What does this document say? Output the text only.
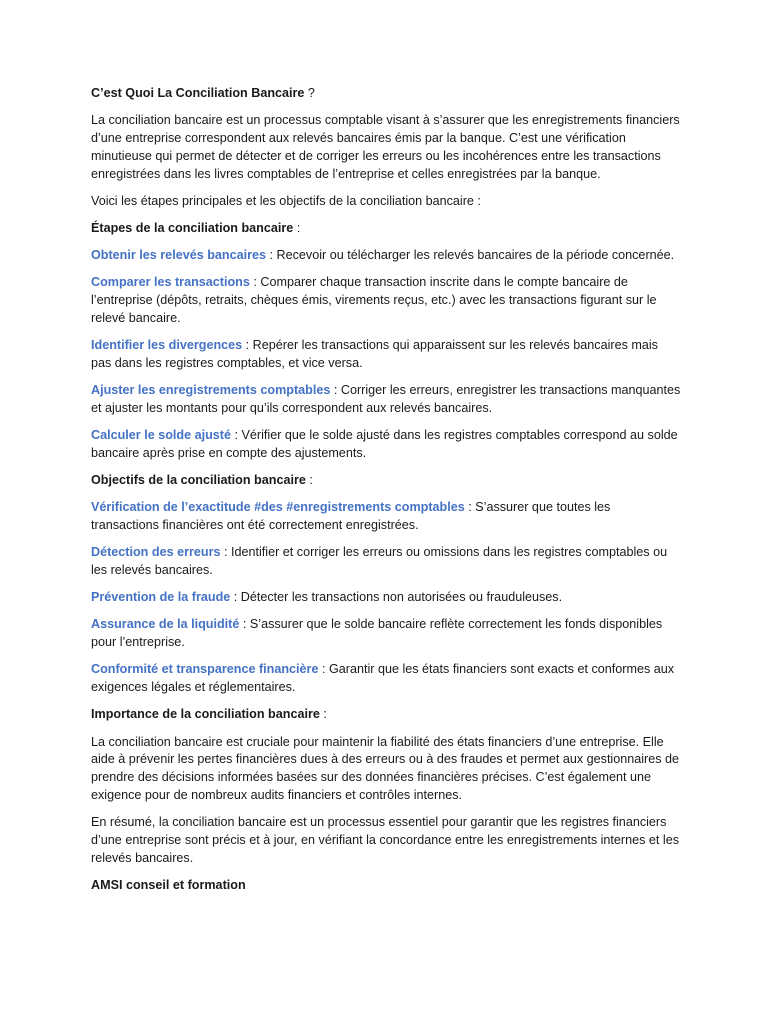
C’est Quoi La Conciliation Bancaire ?

La conciliation bancaire est un processus comptable visant à s’assurer que les enregistrements financiers d’une entreprise correspondent aux relevés bancaires émis par la banque. C’est une vérification minutieuse qui permet de détecter et de corriger les erreurs ou les incohérences entre les transactions enregistrées dans les livres comptables de l’entreprise et celles enregistrées par la banque.

Voici les étapes principales et les objectifs de la conciliation bancaire :

Étapes de la conciliation bancaire :

Obtenir les relevés bancaires : Recevoir ou télécharger les relevés bancaires de la période concernée.

Comparer les transactions : Comparer chaque transaction inscrite dans le compte bancaire de l’entreprise (dépôts, retraits, chèques émis, virements reçus, etc.) avec les transactions figurant sur le relevé bancaire.

Identifier les divergences : Repérer les transactions qui apparaissent sur les relevés bancaires mais pas dans les registres comptables, et vice versa.

Ajuster les enregistrements comptables : Corriger les erreurs, enregistrer les transactions manquantes et ajuster les montants pour qu’ils correspondent aux relevés bancaires.

Calculer le solde ajusté : Vérifier que le solde ajusté dans les registres comptables correspond au solde bancaire après prise en compte des ajustements.

Objectifs de la conciliation bancaire :

Vérification de l’exactitude #des #enregistrements comptables : S’assurer que toutes les transactions financières ont été correctement enregistrées.

Détection des erreurs : Identifier et corriger les erreurs ou omissions dans les registres comptables ou les relevés bancaires.

Prévention de la fraude : Détecter les transactions non autorisées ou frauduleuses.

Assurance de la liquidité : S’assurer que le solde bancaire reflète correctement les fonds disponibles pour l’entreprise.

Conformité et transparence financière : Garantir que les états financiers sont exacts et conformes aux exigences légales et réglementaires.

Importance de la conciliation bancaire :

La conciliation bancaire est cruciale pour maintenir la fiabilité des états financiers d’une entreprise. Elle aide à prévenir les pertes financières dues à des erreurs ou à des fraudes et permet aux gestionnaires de prendre des décisions informées basées sur des données financières précises. C’est également une exigence pour de nombreux audits financiers et contrôles internes.

En résumé, la conciliation bancaire est un processus essentiel pour garantir que les registres financiers d’une entreprise sont précis et à jour, en vérifiant la concordance entre les enregistrements internes et les relevés bancaires.

AMSI conseil et formation
